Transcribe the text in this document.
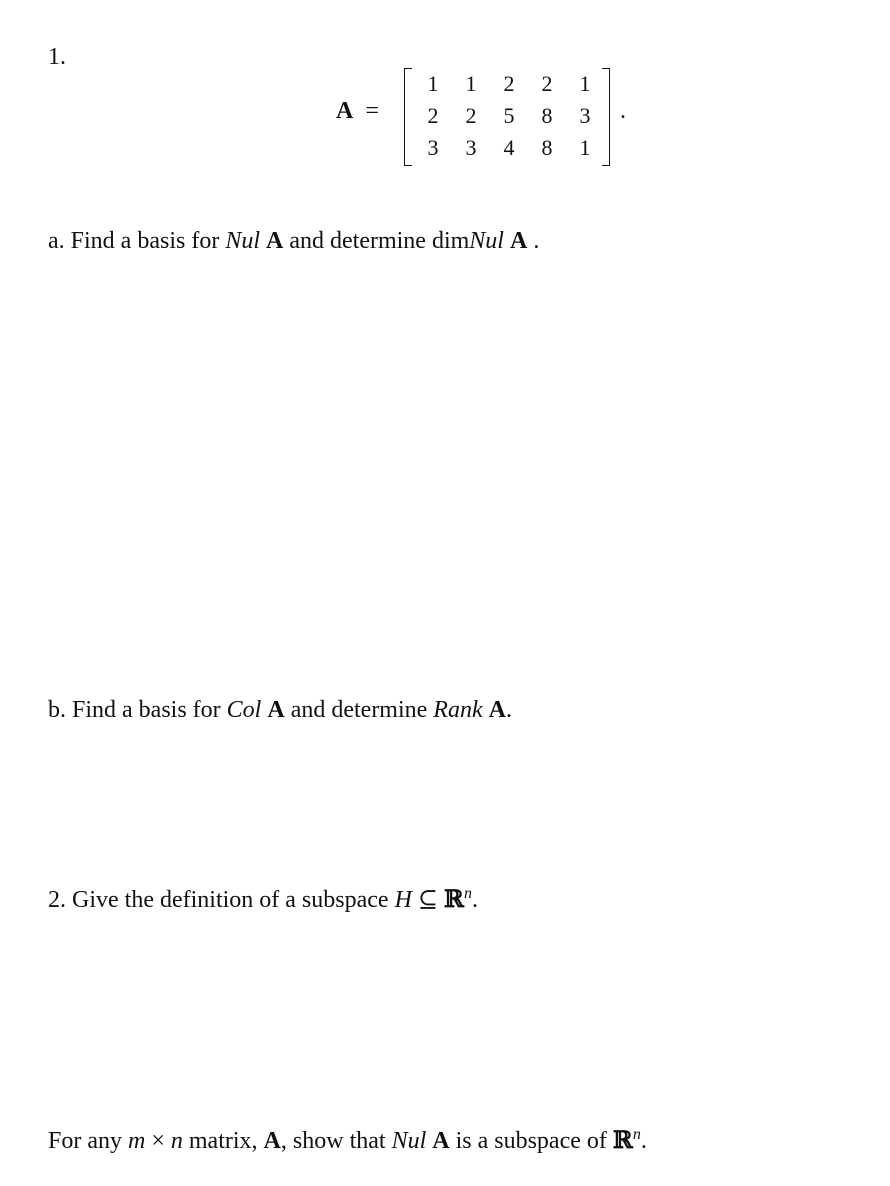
1.
A =
1	1	2	2	1
2	2	5	8	3
3	3	4	8	1
.
a. Find a basis for Nul A and determine dimNul A .
b. Find a basis for Col A and determine Rank A.
2. Give the definition of a subspace H ⊆ ℝ$^n$.
For any m × n matrix, A, show that Nul A is a subspace of ℝ$^n$.
